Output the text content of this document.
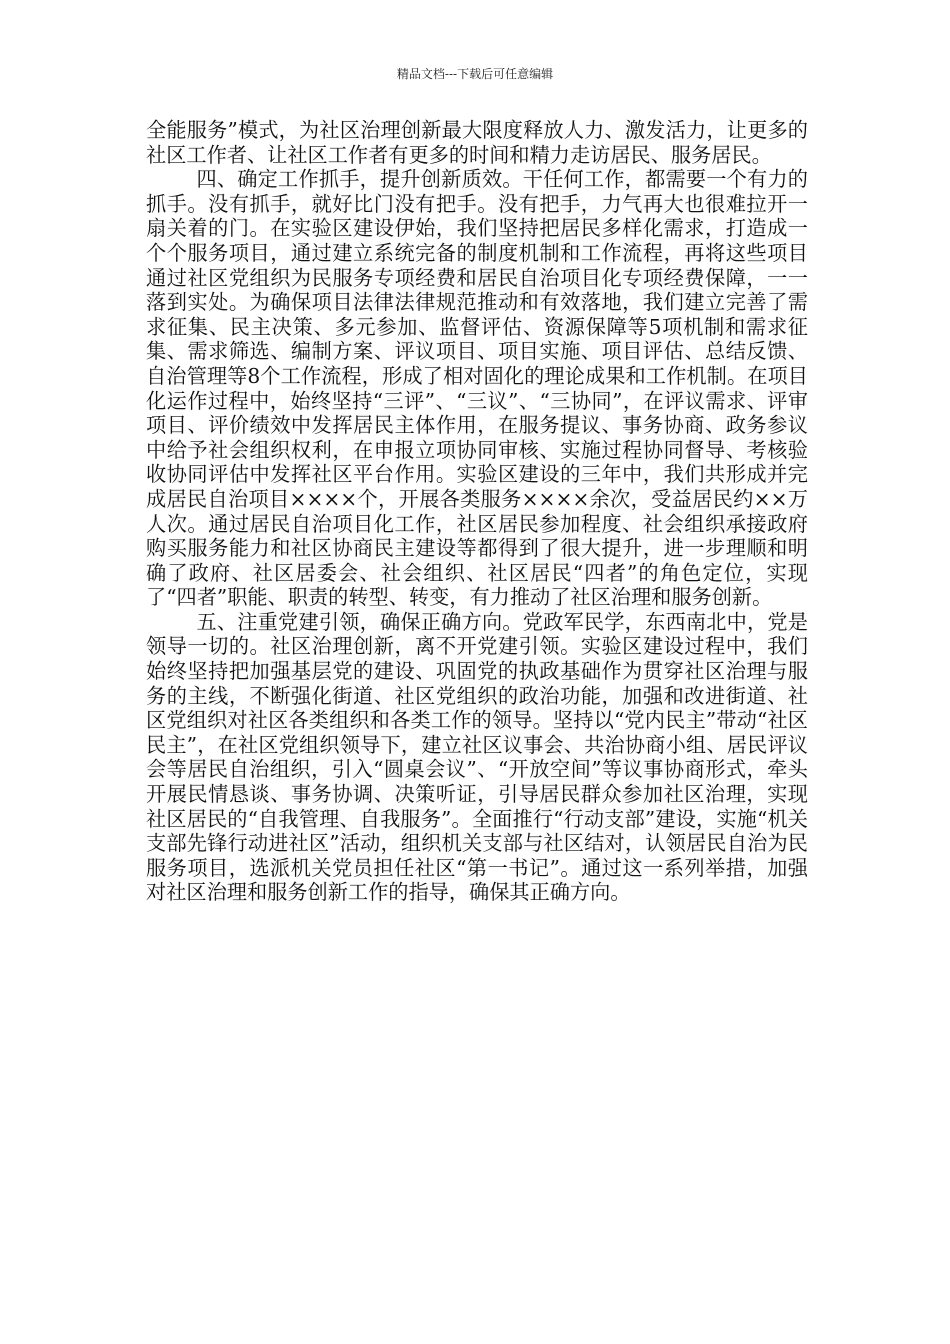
精品文档---下载后可任意编辑

全能服务”模式，为社区治理创新最大限度释放人力、激发活力，让更多的社区工作者、让社区工作者有更多的时间和精力走访居民、服务居民。

四、确定工作抓手，提升创新质效。干任何工作，都需要一个有力的抓手。没有抓手，就好比门没有把手。没有把手，力气再大也很难拉开一扇关着的门。在实验区建设伊始，我们坚持把居民多样化需求，打造成一个个服务项目，通过建立系统完备的制度机制和工作流程，再将这些项目通过社区党组织为民服务专项经费和居民自治项目化专项经费保障，一一落到实处。为确保项目法律法律规范推动和有效落地，我们建立完善了需求征集、民主决策、多元参加、监督评估、资源保障等5项机制和需求征集、需求筛选、编制方案、评议项目、项目实施、项目评估、总结反馈、自治管理等8个工作流程，形成了相对固化的理论成果和工作机制。在项目化运作过程中，始终坚持“三评”、“三议”、“三协同”，在评议需求、评审项目、评价绩效中发挥居民主体作用，在服务提议、事务协商、政务参议中给予社会组织权利，在申报立项协同审核、实施过程协同督导、考核验收协同评估中发挥社区平台作用。实验区建设的三年中，我们共形成并完成居民自治项目××××个，开展各类服务××××余次，受益居民约××万人次。通过居民自治项目化工作，社区居民参加程度、社会组织承接政府购买服务能力和社区协商民主建设等都得到了很大提升，进一步理顺和明确了政府、社区居委会、社会组织、社区居民“四者”的角色定位，实现了“四者”职能、职责的转型、转变，有力推动了社区治理和服务创新。

五、注重党建引领，确保正确方向。党政军民学，东西南北中，党是领导一切的。社区治理创新，离不开党建引领。实验区建设过程中，我们始终坚持把加强基层党的建设、巩固党的执政基础作为贯穿社区治理与服务的主线，不断强化街道、社区党组织的政治功能，加强和改进街道、社区党组织对社区各类组织和各类工作的领导。坚持以“党内民主”带动“社区民主”，在社区党组织领导下，建立社区议事会、共治协商小组、居民评议会等居民自治组织，引入“圆桌会议”、“开放空间”等议事协商形式，牵头开展民情恳谈、事务协调、决策听证，引导居民群众参加社区治理，实现社区居民的“自我管理、自我服务”。全面推行“行动支部”建设，实施“机关支部先锋行动进社区”活动，组织机关支部与社区结对，认领居民自治为民服务项目，选派机关党员担任社区“第一书记”。通过这一系列举措，加强对社区治理和服务创新工作的指导，确保其正确方向。
